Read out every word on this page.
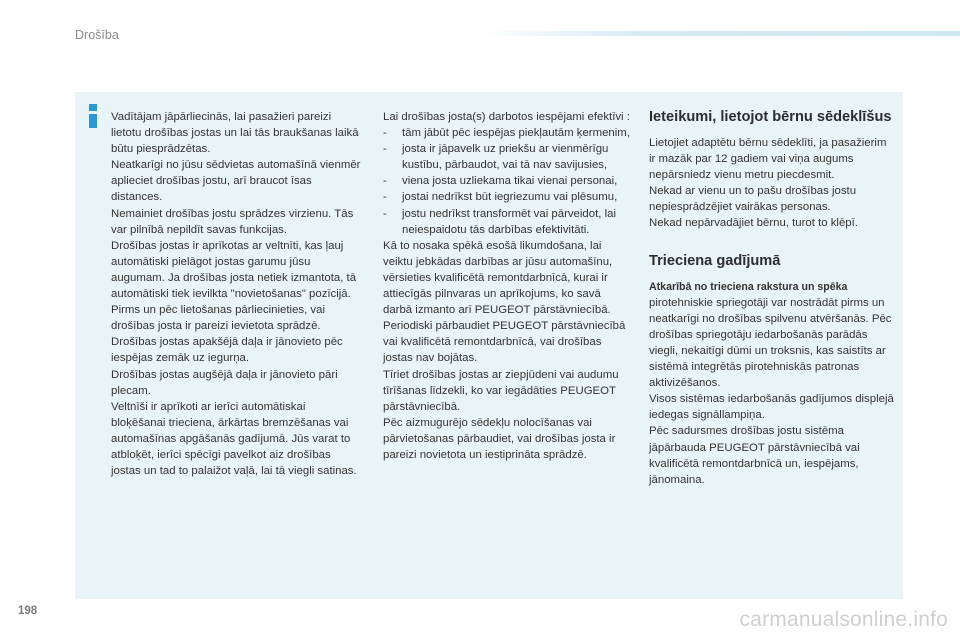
Drošība

Vadītājam jāpārliecinās, lai pasažieri pareizi lietotu drošības jostas un lai tās braukšanas laikā būtu piesprādzētas.

Neatkarīgi no jūsu sēdvietas automašīnā vienmēr aplieciet drošības jostu, arī braucot īsas distances.

Nemainiet drošības jostu sprādzes virzienu. Tās var pilnībā nepildīt savas funkcijas.

Drošības jostas ir aprīkotas ar veltnīti, kas ļauj automātiski pielāgot jostas garumu jūsu augumam. Ja drošības josta netiek izmantota, tā automātiski tiek ievilkta "novietošanas" pozīcijā.

Pirms un pēc lietošanas pārliecinieties, vai drošības josta ir pareizi ievietota sprādzē.

Drošības jostas apakšējā daļa ir jānovieto pēc iespējas zemāk uz iegurņa.

Drošības jostas augšējā daļa ir jānovieto pāri plecam.

Veltnīši ir aprīkoti ar ierīci automātiskai bloķēšanai trieciena, ārkārtas bremzēšanas vai automašīnas apgāšanās gadījumā. Jūs varat to atbloķēt, ierīci spēcīgi pavelkot aiz drošības jostas un tad to palaižot vaļā, lai tā viegli satinas.

Lai drošības josta(s) darbotos iespējami efektīvi :

- tām jābūt pēc iespējas piekļautām ķermenim,
- josta ir jāpavelk uz priekšu ar vienmērīgu kustību, pārbaudot, vai tā nav savijusies,
- viena josta uzliekama tikai vienai personai,
- jostai nedrīkst būt iegriezumu vai plēsumu,
- jostu nedrīkst transformēt vai pārveidot, lai neiespaidotu tās darbības efektivitāti.

Kā to nosaka spēkā esošā likumdošana, lai veiktu jebkādas darbības ar jūsu automašīnu, vērsieties kvalificētā remontdarbnīcā, kurai ir attiecīgās pilnvaras un aprīkojums, ko savā darbā izmanto arī PEUGEOT pārstāvniecībā.

Periodiski pārbaudiet PEUGEOT pārstāvniecībā vai kvalificētā remontdarbnīcā, vai drošības jostas nav bojātas.

Tīriet drošības jostas ar ziepjūdeni vai audumu tīrīšanas līdzekli, ko var iegādāties PEUGEOT pārstāvniecībā.

Pēc aizmugurējo sēdekļu nolocīšanas vai pārvietošanas pārbaudiet, vai drošības josta ir pareizi novietota un iestiprināta sprādzē.

Ieteikumi, lietojot bērnu sēdeklīšus

Lietojiet adaptētu bērnu sēdeklīti, ja pasažierim ir mazāk par 12 gadiem vai viņa augums nepārsniedz vienu metru piecdesmit.

Nekad ar vienu un to pašu drošības jostu nepiesprādzējiet vairākas personas.

Nekad nepārvadājiet bērnu, turot to klēpī.

Trieciena gadījumā

Atkarībā no trieciena rakstura un spēka

pirotehniskie spriegotāji var nostrādāt pirms un neatkarīgi no drošības spilvenu atvēršanās. Pēc drošības spriegotāju iedarbošanās parādās viegli, nekaitīgi dūmi un troksnis, kas saistīts ar sistēmā integrētās pirotehniskās patronas aktivizēšanos.

Visos sistēmas iedarbošanās gadījumos displejā iedegas signāllampiņa.

Pēc sadursmes drošības jostu sistēma jāpārbauda PEUGEOT pārstāvniecībā vai kvalificētā remontdarbnīcā un, iespējams, jānomaina.

198	carmanualsonline.info
